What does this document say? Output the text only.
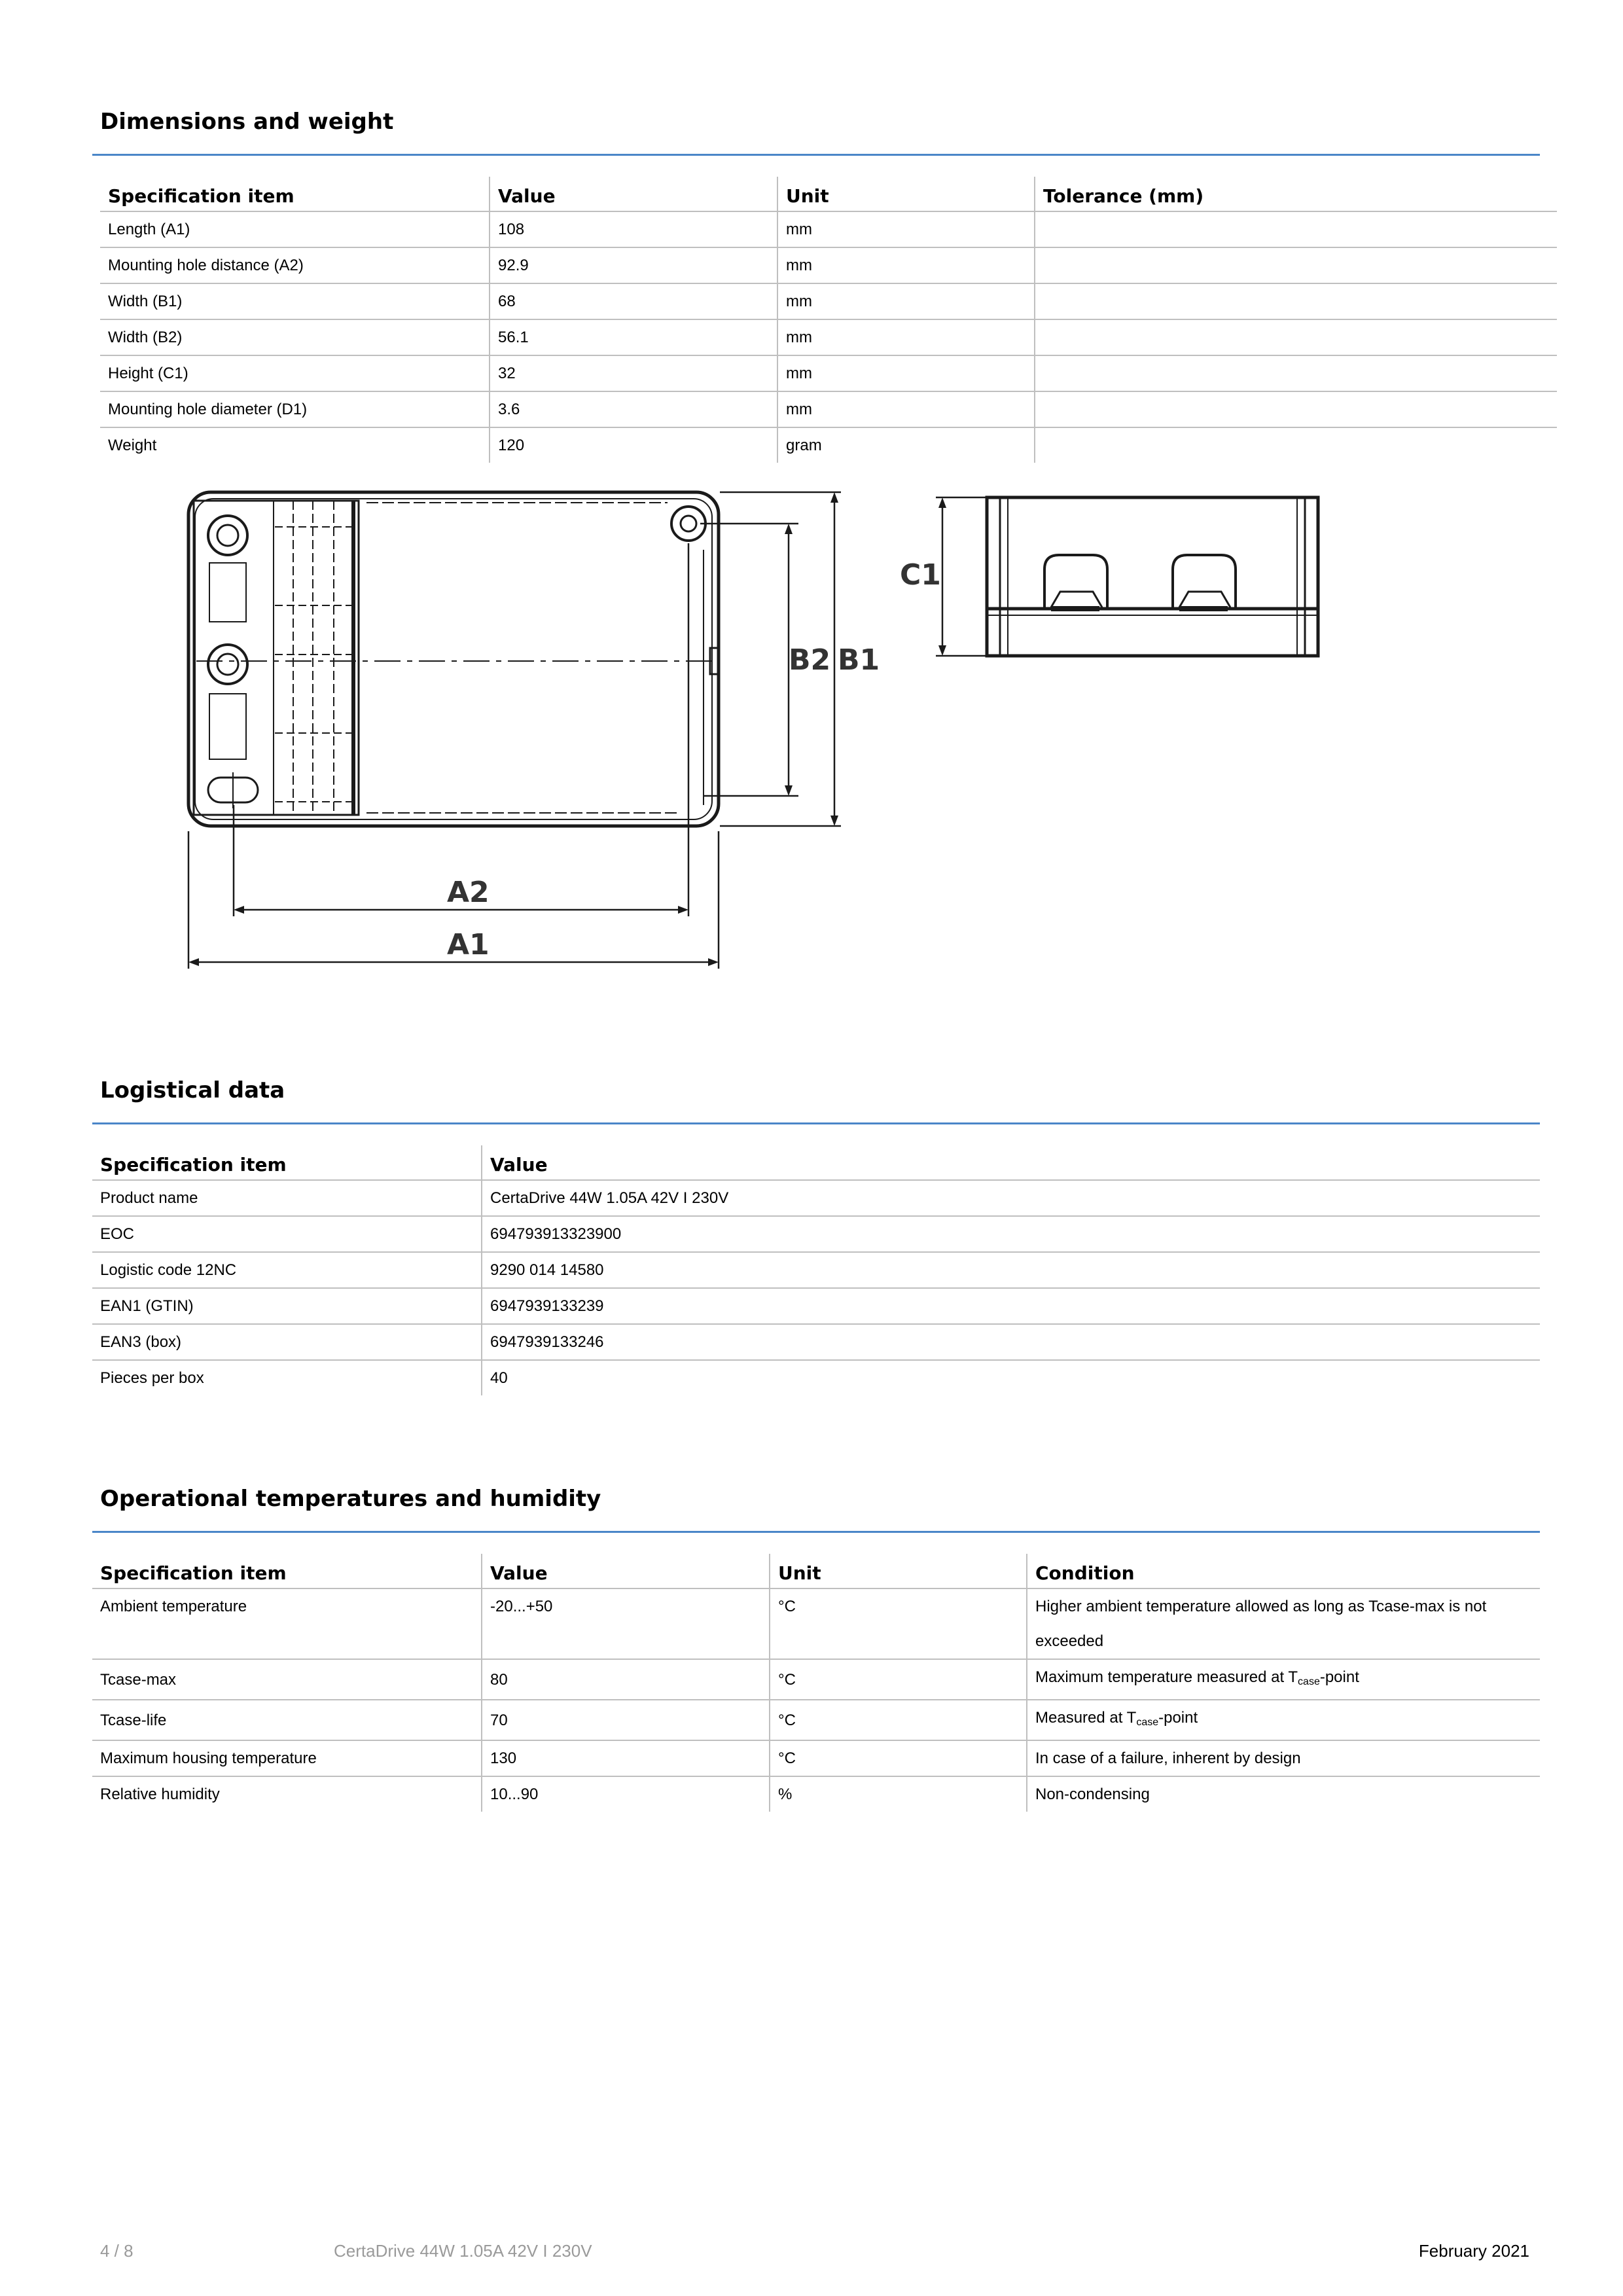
Dimensions and weight
Specification item	Value	Unit	Tolerance (mm)
Length (A1)	108	mm	
Mounting hole distance (A2)	92.9	mm	
Width (B1)	68	mm	
Width (B2)	56.1	mm	
Height (C1)	32	mm	
Mounting hole diameter (D1)	3.6	mm	
Weight	120	gram	
A2
A1
B2 B1
C1
Logistical data
Specification item	Value
Product name	CertaDrive 44W 1.05A 42V I 230V
EOC	694793913323900
Logistic code 12NC	9290 014 14580
EAN1 (GTIN)	6947939133239
EAN3 (box)	6947939133246
Pieces per box	40
Operational temperatures and humidity
Specification item	Value	Unit	Condition
Ambient temperature	-20...+50	°C	Higher ambient temperature allowed as long as Tcase-max is not exceeded
Tcase-max	80	°C	Maximum temperature measured at $T_{case}$-point
Tcase-life	70	°C	Measured at $T_{case}$-point
Maximum housing temperature	130	°C	In case of a failure, inherent by design
Relative humidity	10...90	%	Non-condensing
4 / 8	CertaDrive 44W 1.05A 42V I 230V	February 2021
